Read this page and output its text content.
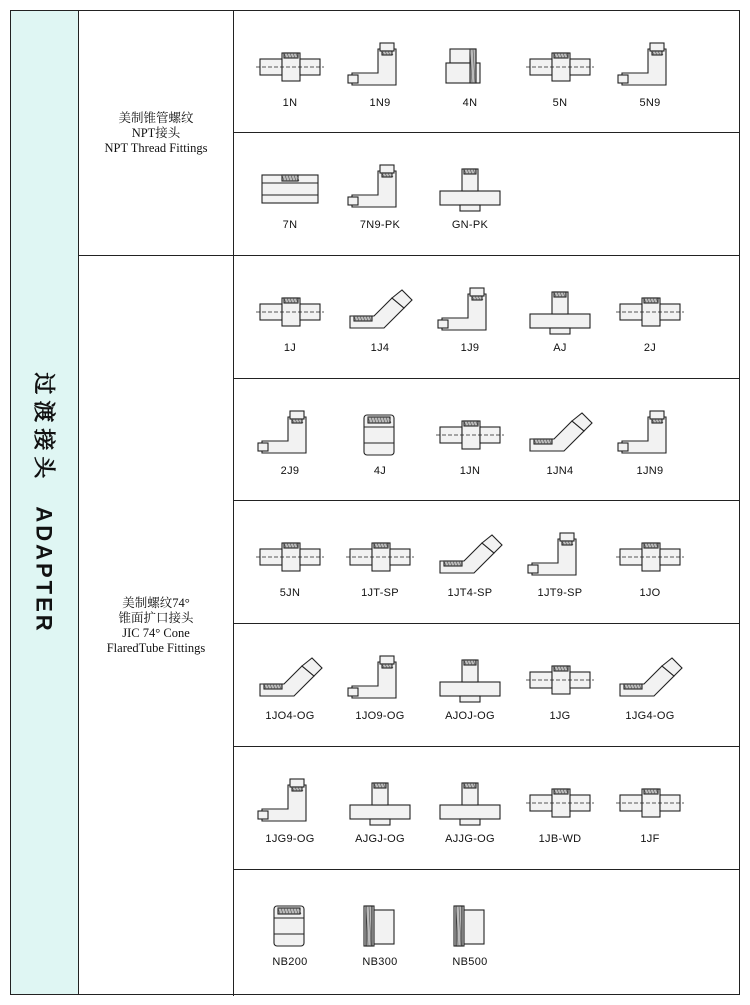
过渡接头ADAPTER
美制锥管螺纹
NPT接头
NPT Thread Fittings
美制螺纹74°
锥面扩口接头
JIC 74° Cone
FlaredTube Fittings
1N	1N9	4N	5N	5N9
7N	7N9-PK	GN-PK
1J	1J4	1J9	AJ	2J
2J9	4J	1JN	1JN4	1JN9
5JN	1JT-SP	1JT4-SP	1JT9-SP	1JO
1JO4-OG	1JO9-OG	AJOJ-OG	1JG	1JG4-OG
1JG9-OG	AJGJ-OG	AJJG-OG	1JB-WD	1JF
NB200	NB300	NB500
